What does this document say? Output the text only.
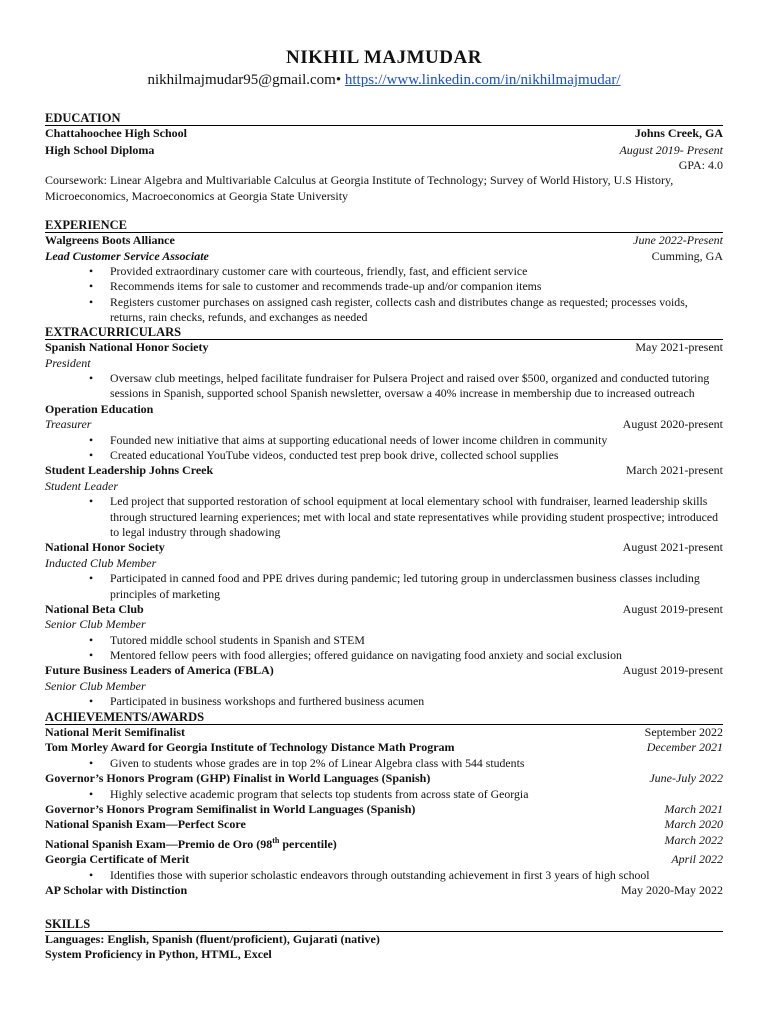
NIKHIL MAJMUDAR
nikhilmajmudar95@gmail.com• https://www.linkedin.com/in/nikhilmajmudar/
EDUCATION
Chattahoochee High School	Johns Creek, GA
High School Diploma	August 2019- Present
GPA: 4.0
Coursework: Linear Algebra and Multivariable Calculus at Georgia Institute of Technology; Survey of World History, U.S History, Microeconomics, Macroeconomics at Georgia State University
EXPERIENCE
Walgreens Boots Alliance	June 2022-Present
Lead Customer Service Associate	Cumming, GA
• Provided extraordinary customer care with courteous, friendly, fast, and efficient service
• Recommends items for sale to customer and recommends trade-up and/or companion items
• Registers customer purchases on assigned cash register, collects cash and distributes change as requested; processes voids, returns, rain checks, refunds, and exchanges as needed
EXTRACURRICULARS
Spanish National Honor Society	May 2021-present
President
• Oversaw club meetings, helped facilitate fundraiser for Pulsera Project and raised over $500, organized and conducted tutoring sessions in Spanish, supported school Spanish newsletter, oversaw a 40% increase in membership due to increased outreach
Operation Education
Treasurer	August 2020-present
• Founded new initiative that aims at supporting educational needs of lower income children in community
• Created educational YouTube videos, conducted test prep book drive, collected school supplies
Student Leadership Johns Creek	March 2021-present
Student Leader
• Led project that supported restoration of school equipment at local elementary school with fundraiser, learned leadership skills through structured learning experiences; met with local and state representatives while providing student prospective; introduced to legal industry through shadowing
National Honor Society	August 2021-present
Inducted Club Member
• Participated in canned food and PPE drives during pandemic; led tutoring group in underclassmen business classes including principles of marketing
National Beta Club	August 2019-present
Senior Club Member
• Tutored middle school students in Spanish and STEM
• Mentored fellow peers with food allergies; offered guidance on navigating food anxiety and social exclusion
Future Business Leaders of America (FBLA)	August 2019-present
Senior Club Member
• Participated in business workshops and furthered business acumen
ACHIEVEMENTS/AWARDS
National Merit Semifinalist	September 2022
Tom Morley Award for Georgia Institute of Technology Distance Math Program	December 2021
• Given to students whose grades are in top 2% of Linear Algebra class with 544 students
Governor’s Honors Program (GHP) Finalist in World Languages (Spanish)	June-July 2022
• Highly selective academic program that selects top students from across state of Georgia
Governor’s Honors Program Semifinalist in World Languages (Spanish)	March 2021
National Spanish Exam—Perfect Score	March 2020
National Spanish Exam—Premio de Oro (98th percentile)	March 2022
Georgia Certificate of Merit	April 2022
• Identifies those with superior scholastic endeavors through outstanding achievement in first 3 years of high school
AP Scholar with Distinction	May 2020-May 2022
SKILLS
Languages: English, Spanish (fluent/proficient), Gujarati (native)
System Proficiency in Python, HTML, Excel
